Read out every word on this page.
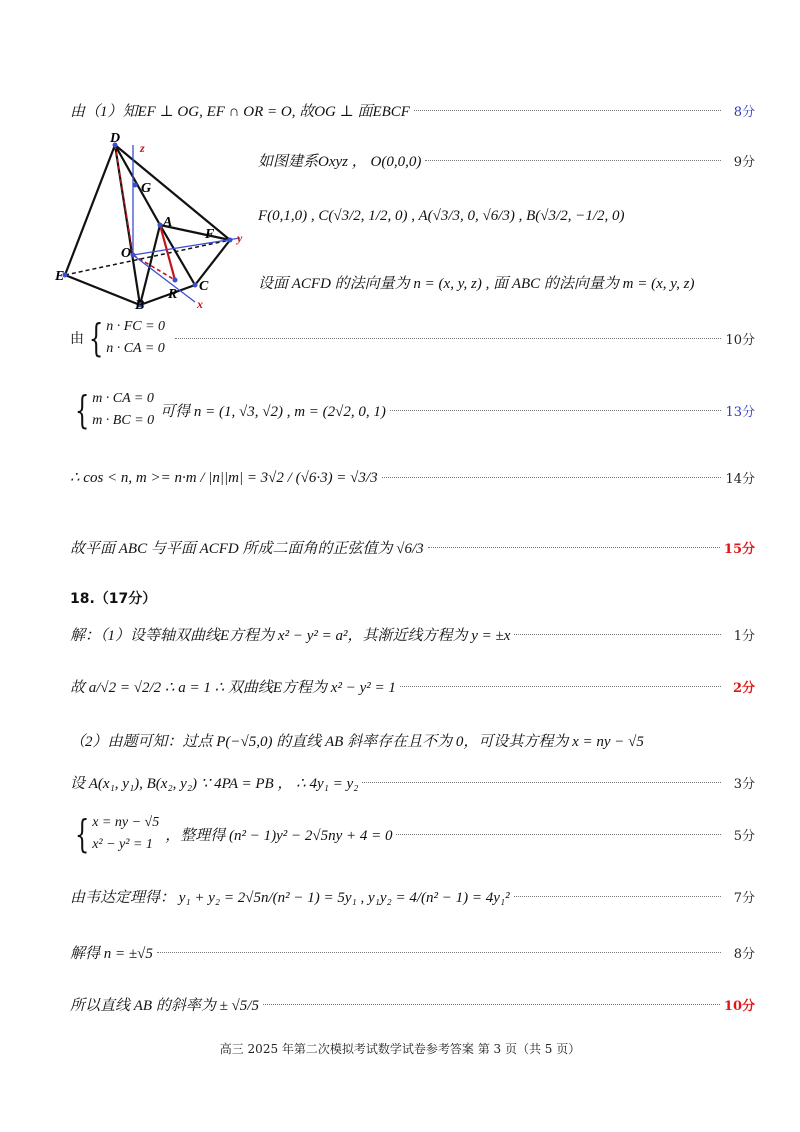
由（1）知EF ⊥ OG, EF ∩ OR = O, 故OG ⊥ 面EBCF	8分
D
z
G
A
F y
O
E
C
R
B	x
如图建系Oxyz ， O(0,0,0)	9分
F(0,1,0) , C(√3/2, 1/2, 0) , A(√3/3, 0, √6/3) , B(√3/2, −1/2, 0)
设面 ACFD 的法向量为 n = (x, y, z) , 面 ABC 的法向量为 m = (x, y, z)
由 { n · FC = 0
n · CA = 0
10分
{ m · CA = 0
m · BC = 0
可得 n = (1, √3, √2) , m = (2√2, 0, 1)	13分
∴ cos < n, m >= n·m / |n||m| = 3√2 / (√6·3) = √3/3	14分
故平面 ABC 与平面 ACFD 所成二面角的正弦值为 √6/3	15分
18.（17分）
解：（1）设等轴双曲线E方程为 x² − y² = a²，其渐近线方程为 y = ±x	1分
故 a/√2 = √2/2 ∴ a = 1 ∴ 双曲线E方程为 x² − y² = 1	2分
（2）由题可知：过点 P(−√5,0) 的直线 AB 斜率存在且不为 0，可设其方程为 x = ny − √5
设 A(x₁, y₁), B(x₂, y₂) ∵ 4PA = PB ， ∴ 4y₁ = y₂	3分
{ x = ny − √5
x² − y² = 1
，整理得 (n² − 1)y² − 2√5ny + 4 = 0	5分
由韦达定理得： y₁ + y₂ = 2√5n/(n² − 1) = 5y₁ , y₁y₂ = 4/(n² − 1) = 4y₁²	7分
解得 n = ±√5	8分
所以直线 AB 的斜率为 ± √5/5	10分
高三 2025 年第二次模拟考试数学试卷参考答案 第 3 页（共 5 页）
